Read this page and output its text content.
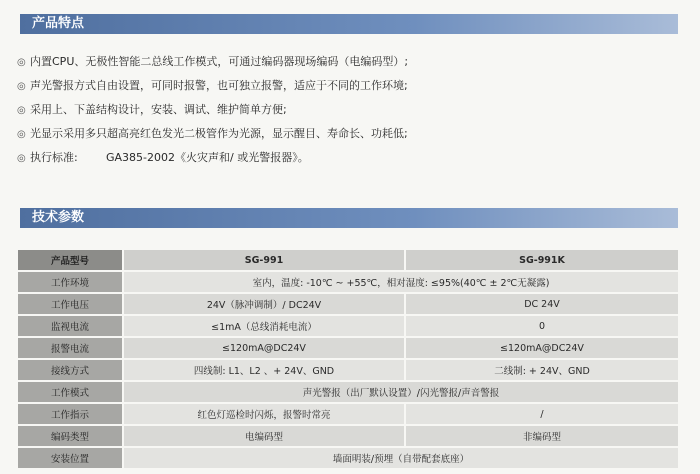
产品特点
◎ 内置CPU、无极性智能二总线工作模式，可通过编码器现场编码（电编码型）;
◎ 声光警报方式自由设置，可同时报警，也可独立报警，适应于不同的工作环境;
◎ 采用上、下盖结构设计，安装、调试、维护简单方便;
◎ 光显示采用多只超高亮红色发光二极管作为光源，显示醒目、寿命长、功耗低;
◎ 执行标准:	GA385-2002《火灾声和/ 或光警报器》。
技术参数
产品型号	SG-991	SG-991K
工作环境	室内，温度: -10℃ ~ +55℃，相对湿度: ≤95%(40℃ ± 2℃无凝露)	
工作电压	24V（脉冲调制）/ DC24V	DC 24V
监视电流	≤1mA（总线消耗电流）	0
报警电流	≤120mA@DC24V	≤120mA@DC24V
接线方式	四线制: L1、L2 、+ 24V、GND	二线制: + 24V、GND
工作模式	声光警报（出厂默认设置）/闪光警报/声音警报	
工作指示	红色灯巡检时闪烁，报警时常亮	/
编码类型	电编码型	非编码型
安装位置	墙面明装/预埋（自带配套底座）	
